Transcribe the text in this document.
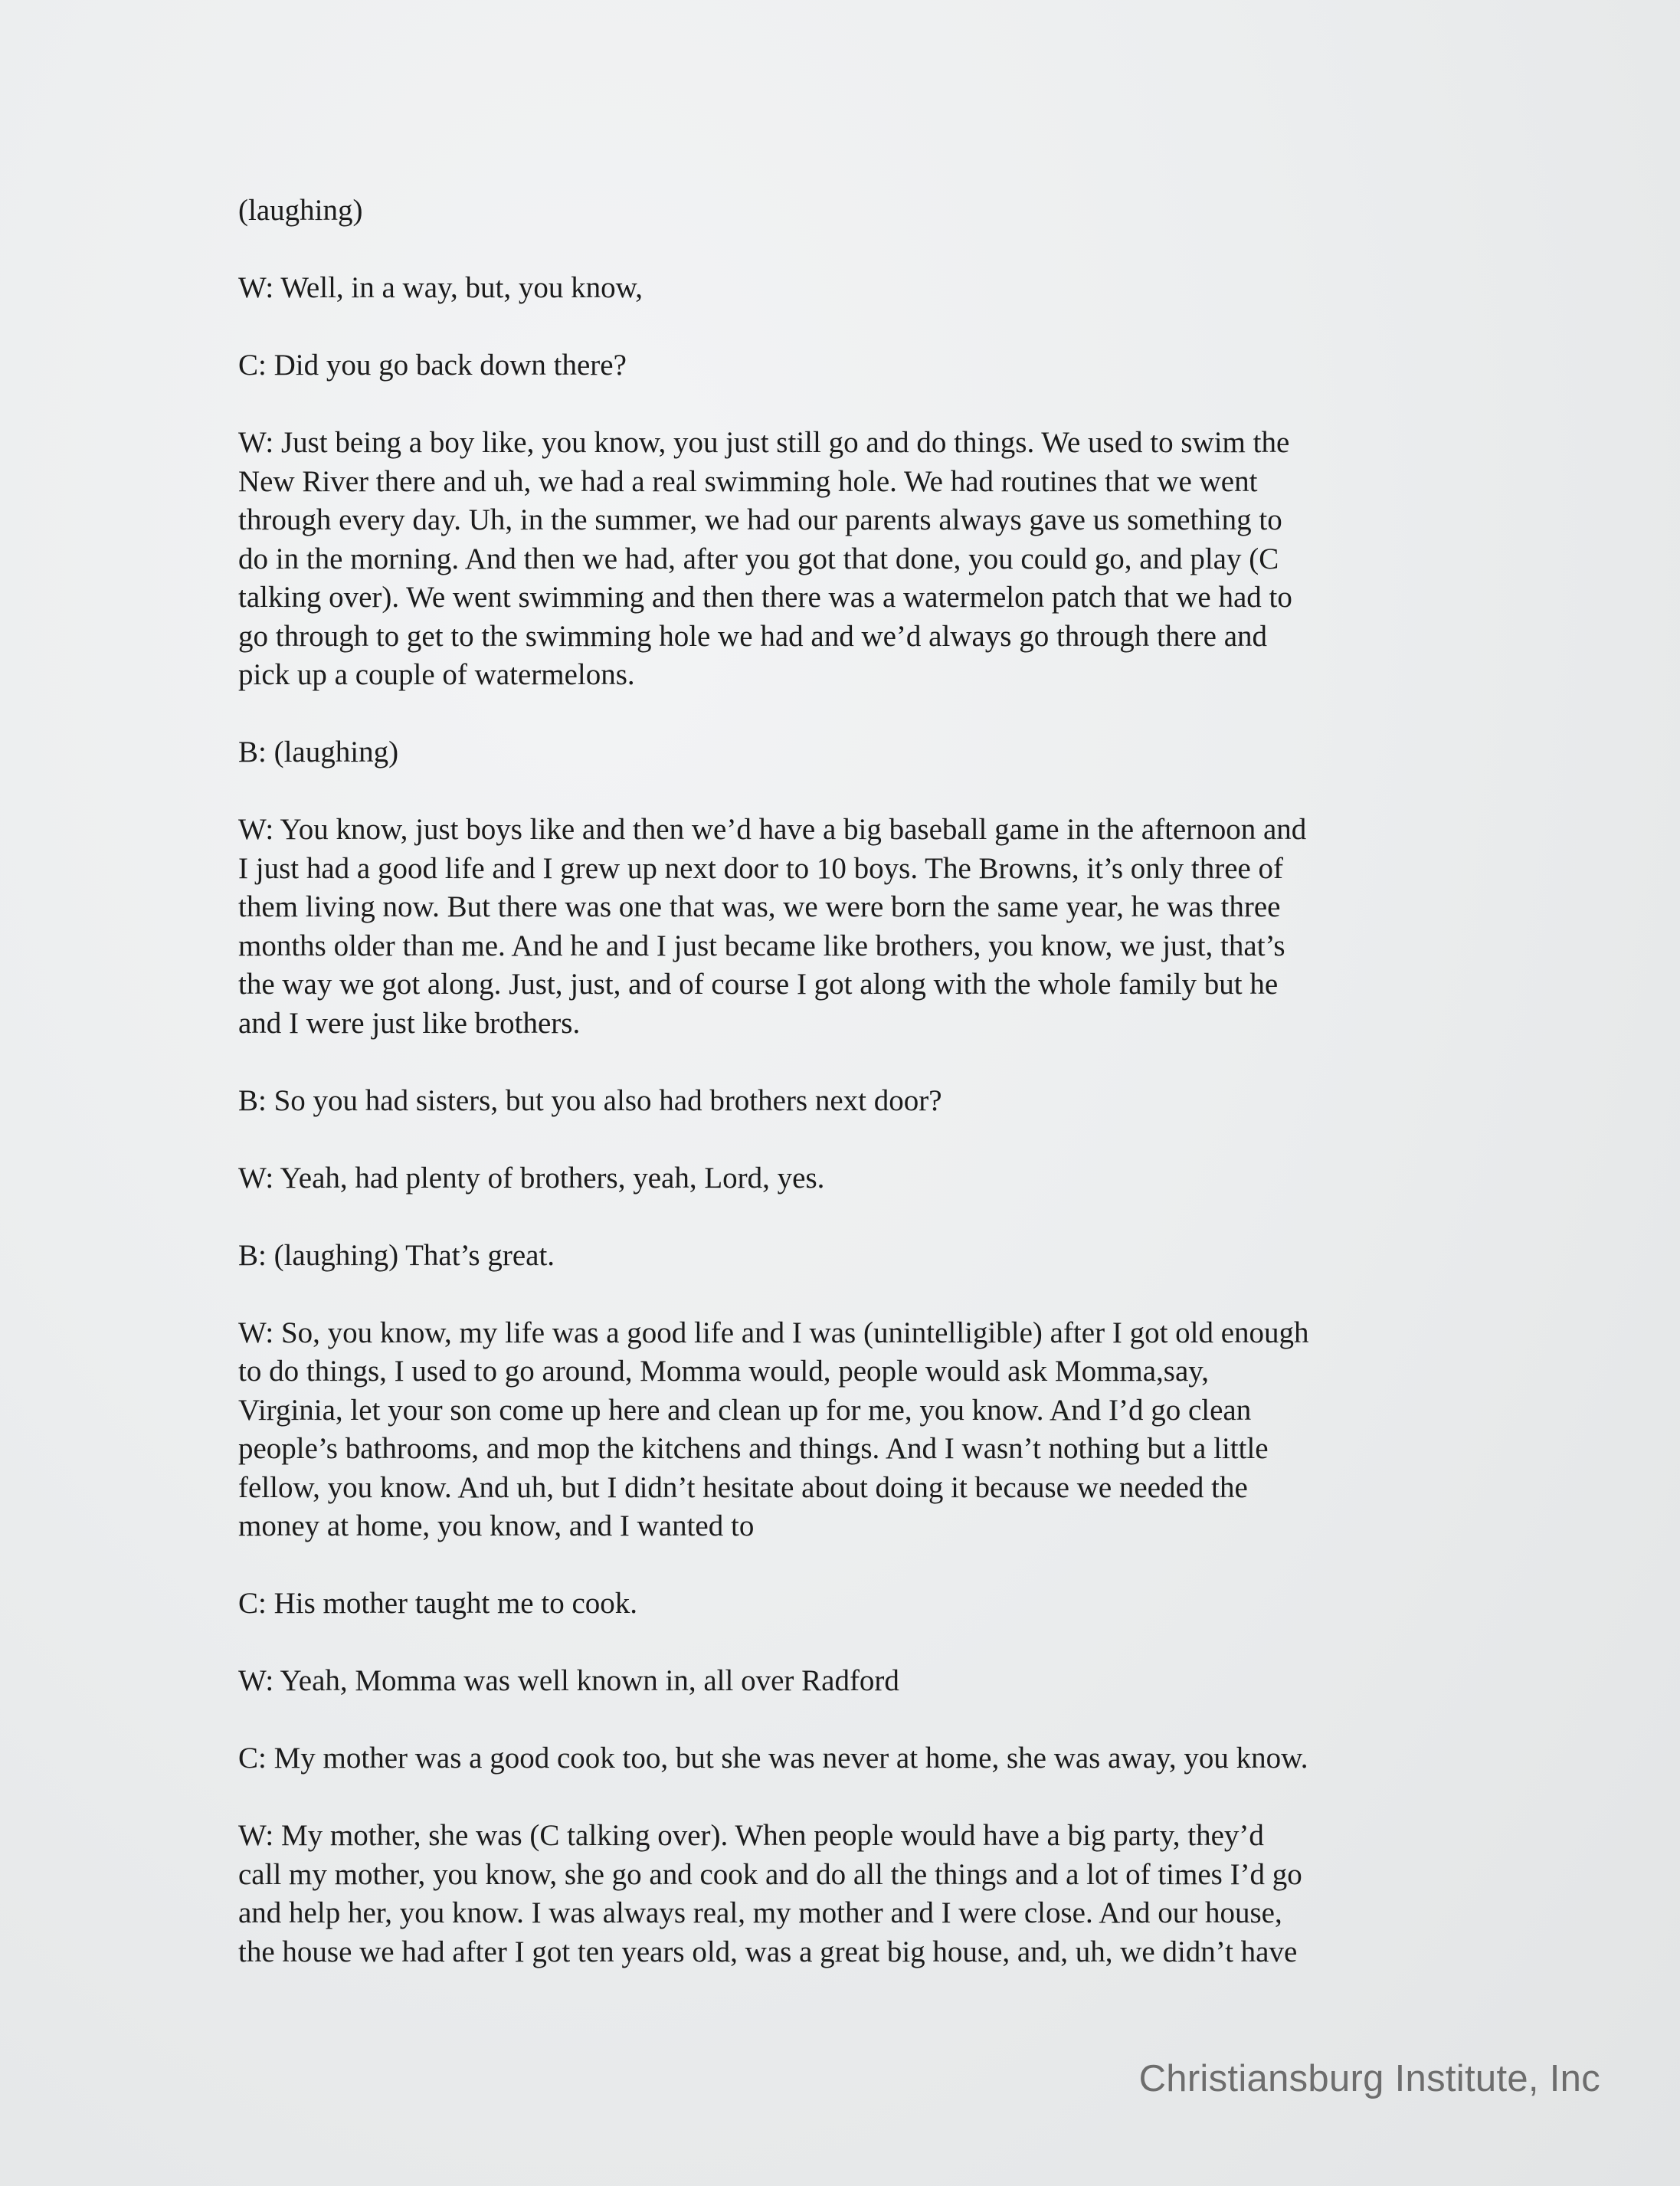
(laughing)

W: Well, in a way, but, you know,

C: Did you go back down there?

W: Just being a boy like, you know, you just still go and do things. We used to swim the
New River there and uh, we had a real swimming hole. We had routines that we went
through every day. Uh, in the summer, we had our parents always gave us something to
do in the morning. And then we had, after you got that done, you could go, and play (C
talking over). We went swimming and then there was a watermelon patch that we had to
go through to get to the swimming hole we had and we’d always go through there and
pick up a couple of watermelons.

B: (laughing)

W: You know, just boys like and then we’d have a big baseball game in the afternoon and
I just had a good life and I grew up next door to 10 boys. The Browns, it’s only three of
them living now. But there was one that was, we were born the same year, he was three
months older than me. And he and I just became like brothers, you know, we just, that’s
the way we got along. Just, just, and of course I got along with the whole family but he
and I were just like brothers.

B: So you had sisters, but you also had brothers next door?

W: Yeah, had plenty of brothers, yeah, Lord, yes.

B: (laughing) That’s great.

W: So, you know, my life was a good life and I was (unintelligible) after I got old enough
to do things, I used to go around, Momma would, people would ask Momma,say,
Virginia, let your son come up here and clean up for me, you know. And I’d go clean
people’s bathrooms, and mop the kitchens and things. And I wasn’t nothing but a little
fellow, you know. And uh, but I didn’t hesitate about doing it because we needed the
money at home, you know, and I wanted to

C: His mother taught me to cook.

W: Yeah, Momma was well known in, all over Radford

C: My mother was a good cook too, but she was never at home, she was away, you know.

W: My mother, she was (C talking over). When people would have a big party, they’d
call my mother, you know, she go and cook and do all the things and a lot of times I’d go
and help her, you know. I was always real, my mother and I were close. And our house,
the house we had after I got ten years old, was a great big house, and, uh, we didn’t have

Christiansburg Institute, Inc
